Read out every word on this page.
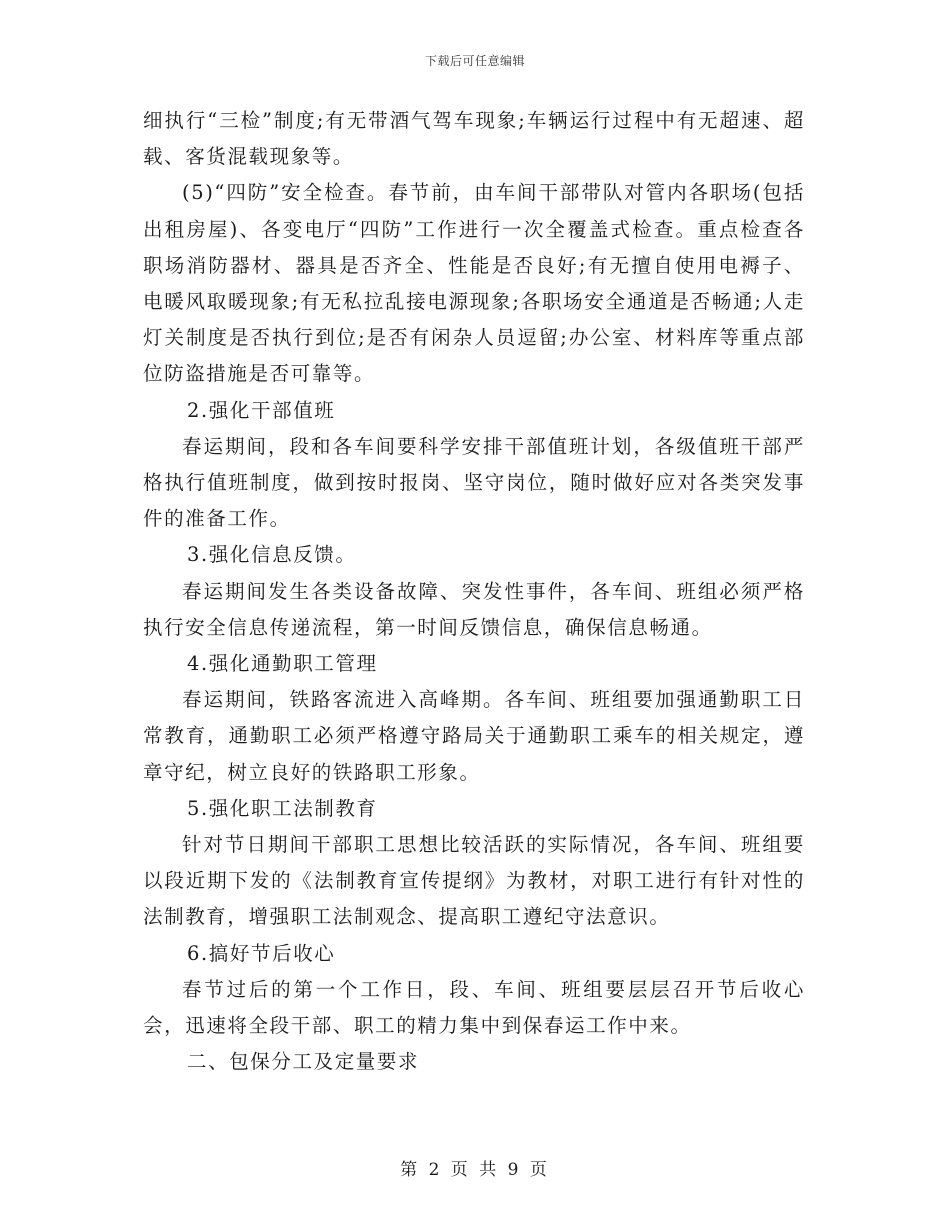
下载后可任意编辑

细执行“三检”制度;有无带酒气驾车现象;车辆运行过程中有无超速、超载、客货混载现象等。

(5)“四防”安全检查。春节前，由车间干部带队对管内各职场(包括出租房屋)、各变电厅“四防”工作进行一次全覆盖式检查。重点检查各职场消防器材、器具是否齐全、性能是否良好;有无擅自使用电褥子、电暖风取暖现象;有无私拉乱接电源现象;各职场安全通道是否畅通;人走灯关制度是否执行到位;是否有闲杂人员逗留;办公室、材料库等重点部位防盗措施是否可靠等。

2.强化干部值班

春运期间，段和各车间要科学安排干部值班计划，各级值班干部严格执行值班制度，做到按时报岗、坚守岗位，随时做好应对各类突发事件的准备工作。

3.强化信息反馈。

春运期间发生各类设备故障、突发性事件，各车间、班组必须严格执行安全信息传递流程，第一时间反馈信息，确保信息畅通。

4.强化通勤职工管理

春运期间，铁路客流进入高峰期。各车间、班组要加强通勤职工日常教育，通勤职工必须严格遵守路局关于通勤职工乘车的相关规定，遵章守纪，树立良好的铁路职工形象。

5.强化职工法制教育

针对节日期间干部职工思想比较活跃的实际情况，各车间、班组要以段近期下发的《法制教育宣传提纲》为教材，对职工进行有针对性的法制教育，增强职工法制观念、提高职工遵纪守法意识。

6.搞好节后收心

春节过后的第一个工作日，段、车间、班组要层层召开节后收心会，迅速将全段干部、职工的精力集中到保春运工作中来。

二、包保分工及定量要求

第 2 页 共 9 页
